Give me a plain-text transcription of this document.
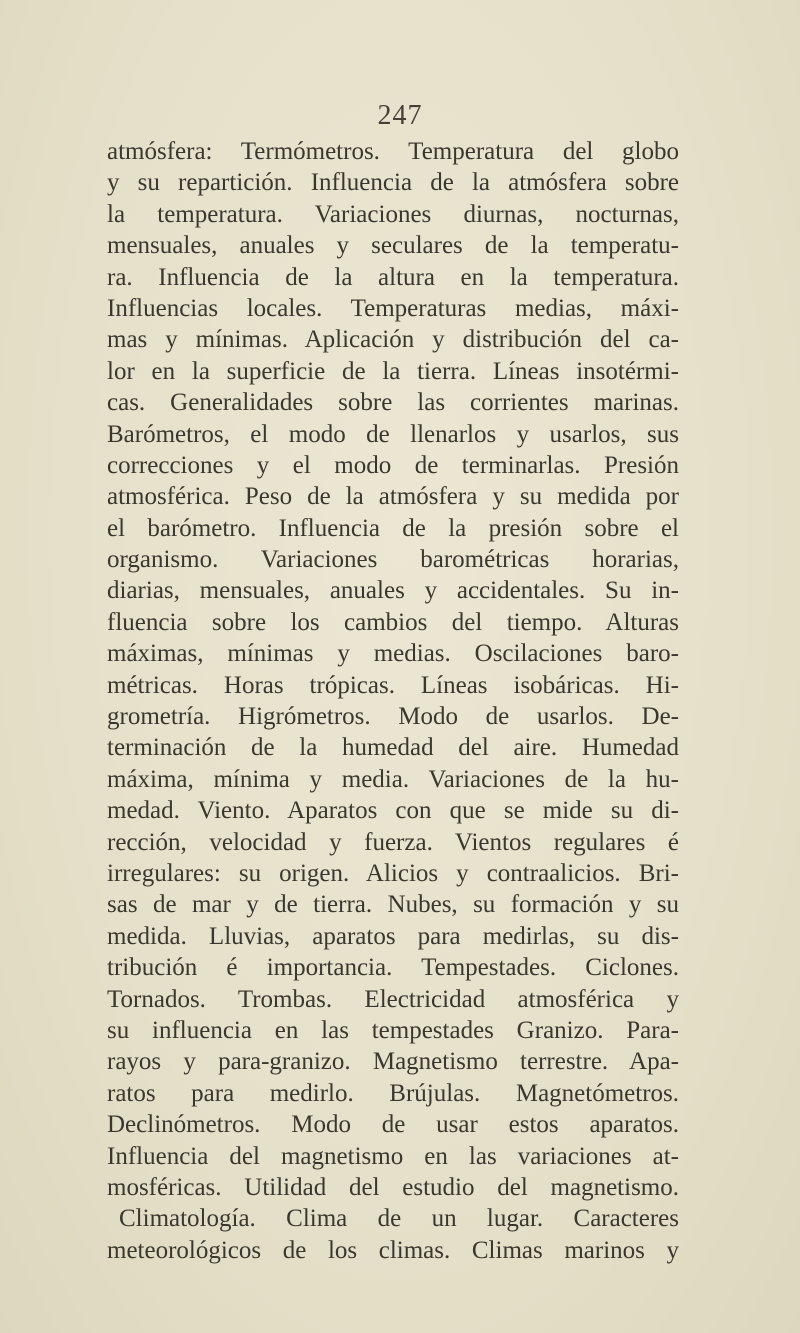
247
atmósfera: Termómetros. Temperatura del globo
y su repartición. Influencia de la atmósfera sobre
la temperatura. Variaciones diurnas, nocturnas,
mensuales, anuales y seculares de la temperatu-
ra. Influencia de la altura en la temperatura.
Influencias locales. Temperaturas medias, máxi-
mas y mínimas. Aplicación y distribución del ca-
lor en la superficie de la tierra. Líneas insotérmi-
cas. Generalidades sobre las corrientes marinas.
Barómetros, el modo de llenarlos y usarlos, sus
correcciones y el modo de terminarlas. Presión
atmosférica. Peso de la atmósfera y su medida por
el barómetro. Influencia de la presión sobre el
organismo. Variaciones barométricas horarias,
diarias, mensuales, anuales y accidentales. Su in-
fluencia sobre los cambios del tiempo. Alturas
máximas, mínimas y medias. Oscilaciones baro-
métricas. Horas trópicas. Líneas isobáricas. Hi-
grometría. Higrómetros. Modo de usarlos. De-
terminación de la humedad del aire. Humedad
máxima, mínima y media. Variaciones de la hu-
medad. Viento. Aparatos con que se mide su di-
rección, velocidad y fuerza. Vientos regulares é
irregulares: su origen. Alicios y contraalicios. Bri-
sas de mar y de tierra. Nubes, su formación y su
medida. Lluvias, aparatos para medirlas, su dis-
tribución é importancia. Tempestades. Ciclones.
Tornados. Trombas. Electricidad atmosférica y
su influencia en las tempestades Granizo. Para-
rayos y para-granizo. Magnetismo terrestre. Apa-
ratos para medirlo. Brújulas. Magnetómetros.
Declinómetros. Modo de usar estos aparatos.
Influencia del magnetismo en las variaciones at-
mosféricas. Utilidad del estudio del magnetismo.
Climatología. Clima de un lugar. Caracteres
meteorológicos de los climas. Climas marinos y
